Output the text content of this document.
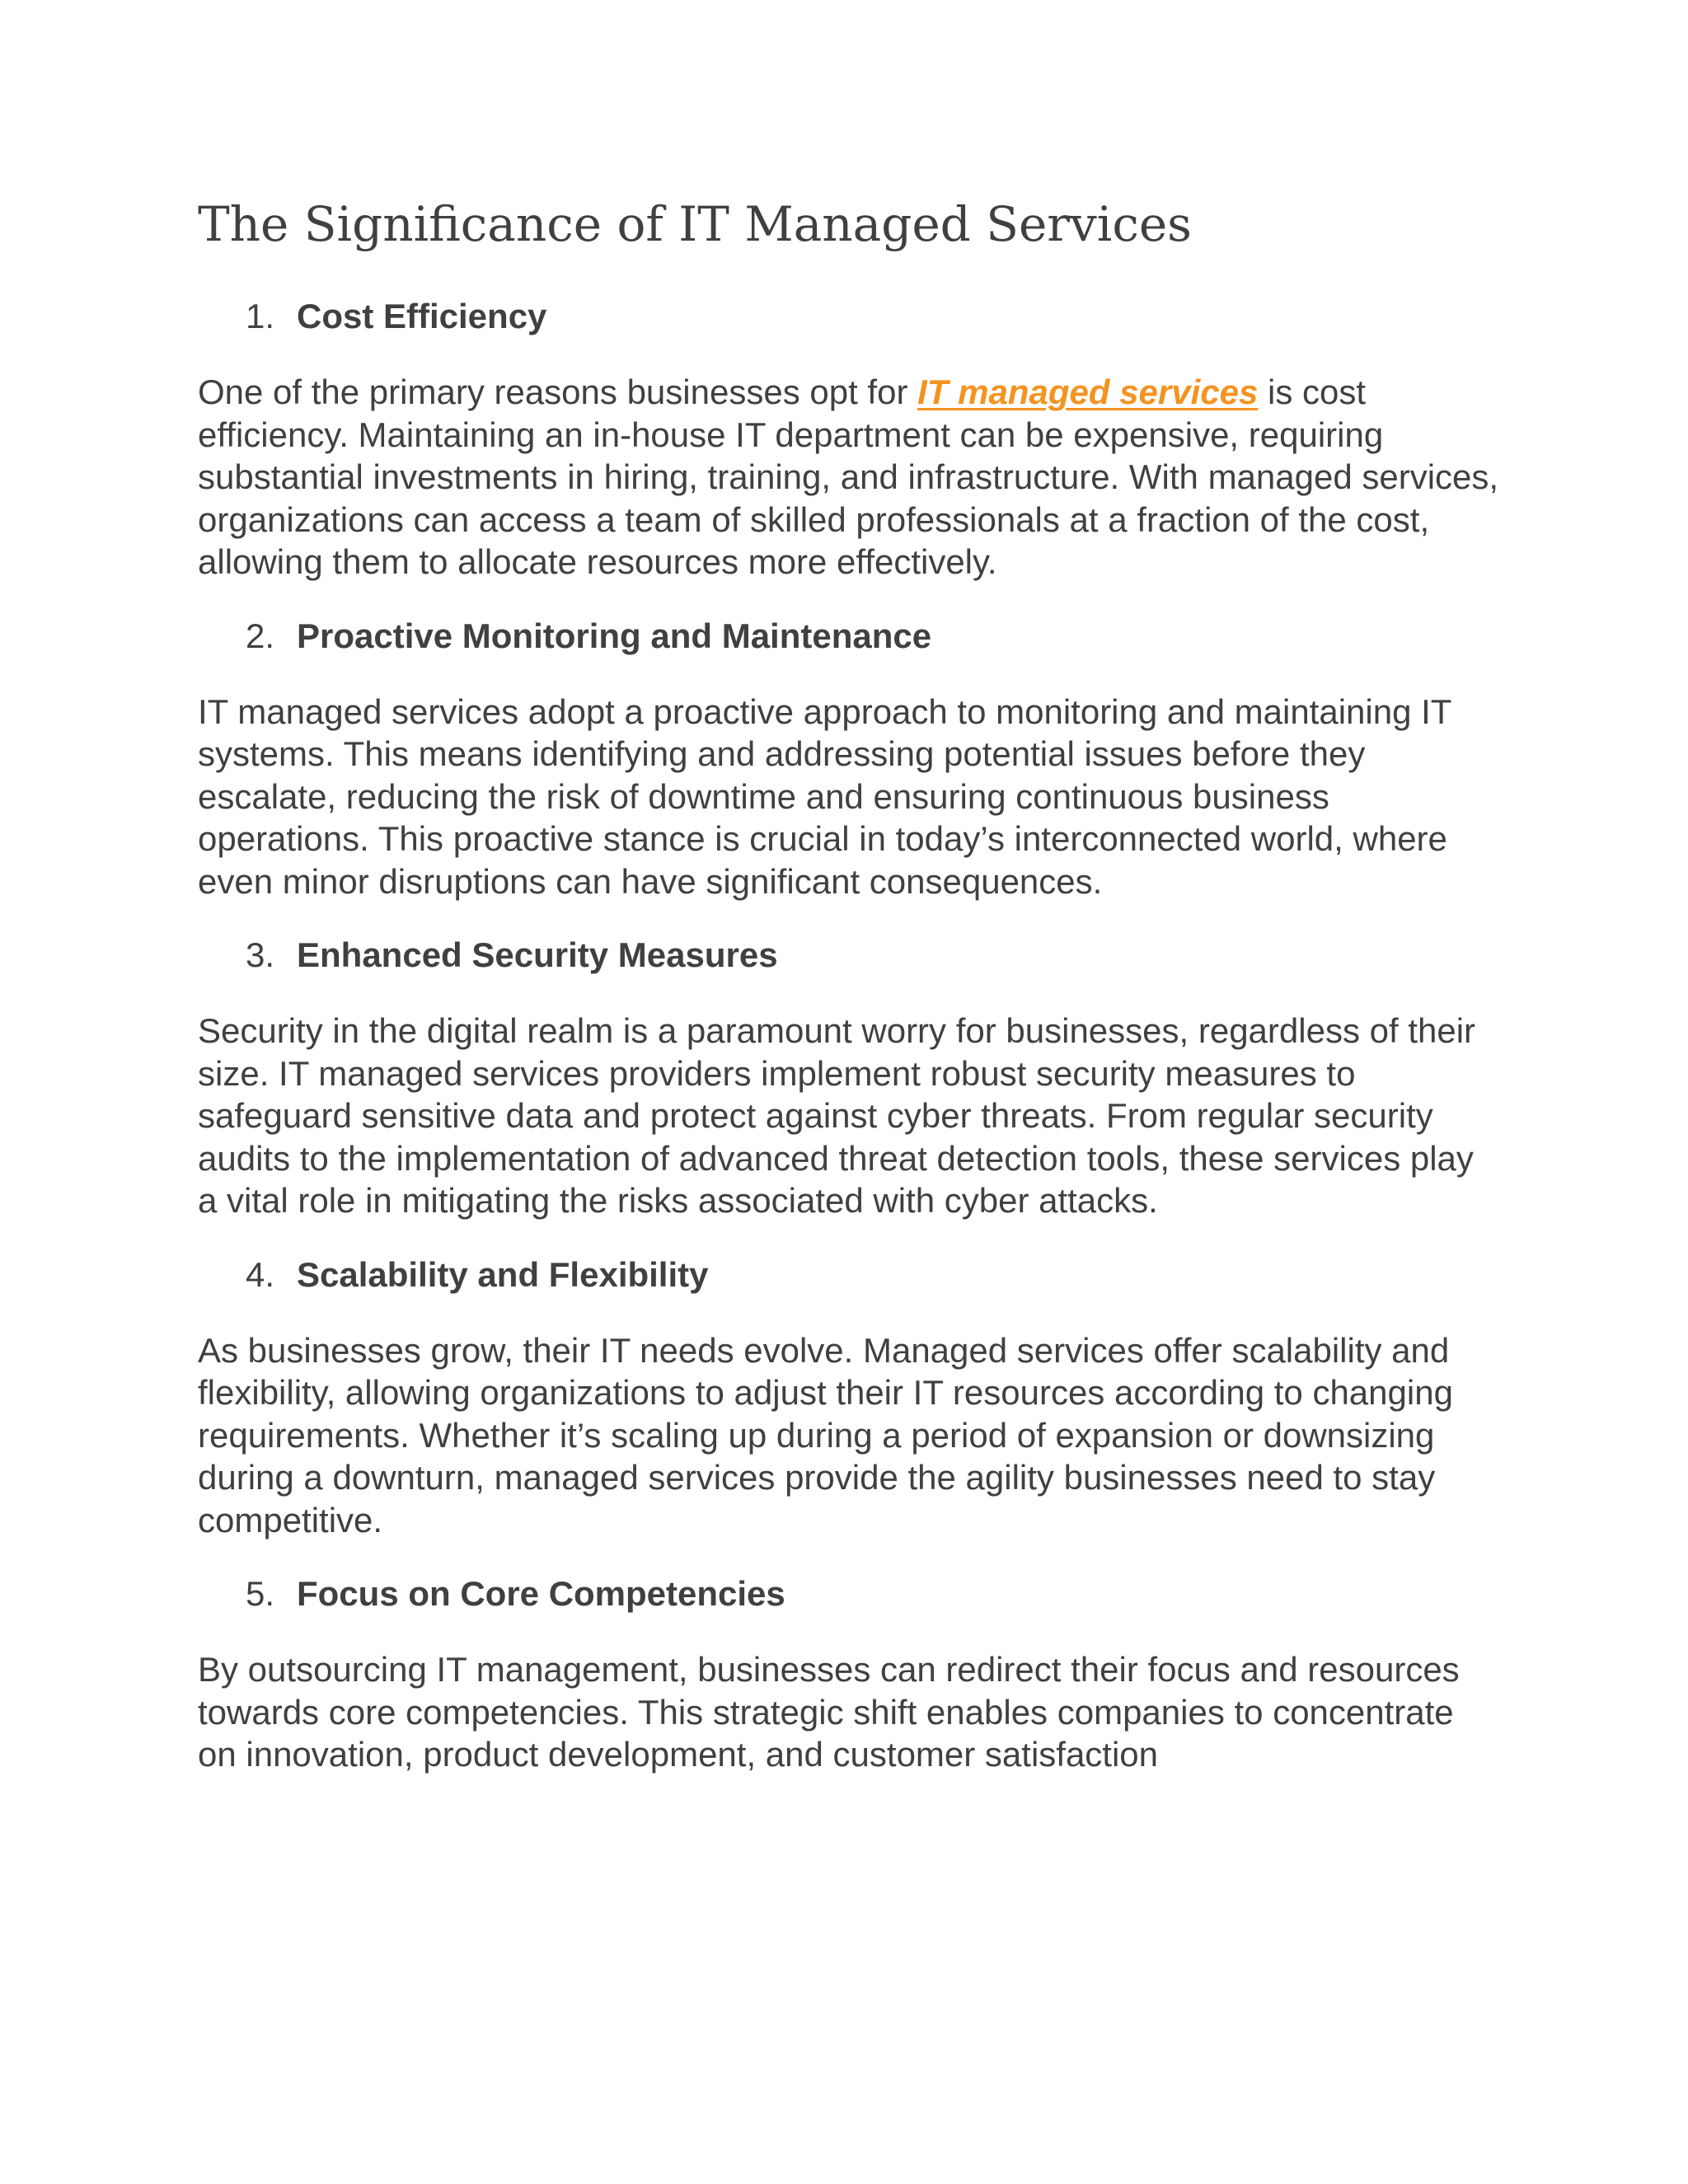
The Significance of IT Managed Services
1. Cost Efficiency

One of the primary reasons businesses opt for IT managed services is cost efficiency. Maintaining an in-house IT department can be expensive, requiring substantial investments in hiring, training, and infrastructure. With managed services, organizations can access a team of skilled professionals at a fraction of the cost, allowing them to allocate resources more effectively.

2. Proactive Monitoring and Maintenance

IT managed services adopt a proactive approach to monitoring and maintaining IT systems. This means identifying and addressing potential issues before they escalate, reducing the risk of downtime and ensuring continuous business operations. This proactive stance is crucial in today’s interconnected world, where even minor disruptions can have significant consequences.

3. Enhanced Security Measures

Security in the digital realm is a paramount worry for businesses, regardless of their size. IT managed services providers implement robust security measures to safeguard sensitive data and protect against cyber threats. From regular security audits to the implementation of advanced threat detection tools, these services play a vital role in mitigating the risks associated with cyber attacks.

4. Scalability and Flexibility

As businesses grow, their IT needs evolve. Managed services offer scalability and flexibility, allowing organizations to adjust their IT resources according to changing requirements. Whether it’s scaling up during a period of expansion or downsizing during a downturn, managed services provide the agility businesses need to stay competitive.

5. Focus on Core Competencies

By outsourcing IT management, businesses can redirect their focus and resources towards core competencies. This strategic shift enables companies to concentrate on innovation, product development, and customer satisfaction
